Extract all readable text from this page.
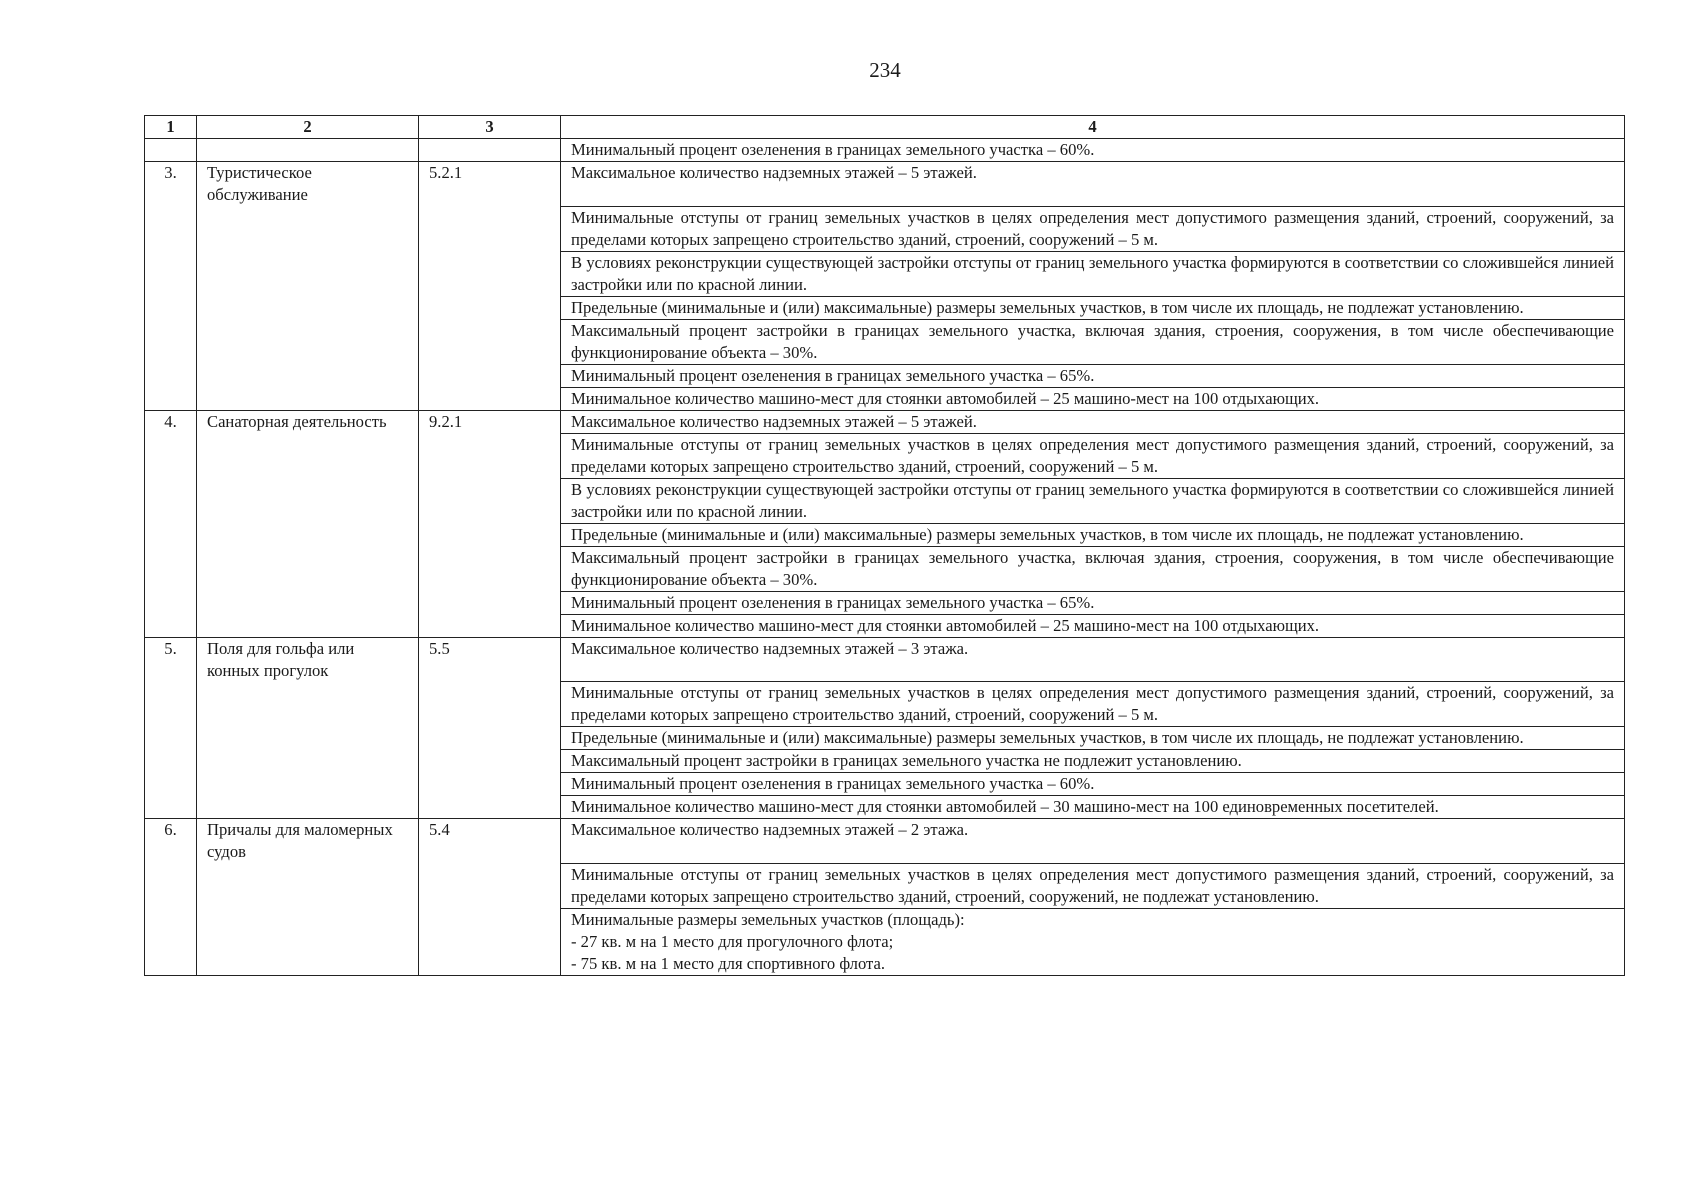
234
1	2	3	4
			Минимальный процент озеленения в границах земельного участка – 60%.
3.	Туристическое обслуживание	5.2.1	Максимальное количество надземных этажей – 5 этажей.
			Минимальные отступы от границ земельных участков в целях определения мест допустимого размещения зданий, строений, сооружений, за пределами которых запрещено строительство зданий, строений, сооружений – 5 м.
			В условиях реконструкции существующей застройки отступы от границ земельного участка формируются в соответствии со сложившейся линией застройки или по красной линии.
			Предельные (минимальные и (или) максимальные) размеры земельных участков, в том числе их площадь, не подлежат установлению.
			Максимальный процент застройки в границах земельного участка, включая здания, строения, сооружения, в том числе обеспечивающие функционирование объекта – 30%.
			Минимальный процент озеленения в границах земельного участка – 65%.
			Минимальное количество машино-мест для стоянки автомобилей – 25 машино-мест на 100 отдыхающих.
4.	Санаторная деятельность	9.2.1	Максимальное количество надземных этажей – 5 этажей.
			Минимальные отступы от границ земельных участков в целях определения мест допустимого размещения зданий, строений, сооружений, за пределами которых запрещено строительство зданий, строений, сооружений – 5 м.
			В условиях реконструкции существующей застройки отступы от границ земельного участка формируются в соответствии со сложившейся линией застройки или по красной линии.
			Предельные (минимальные и (или) максимальные) размеры земельных участков, в том числе их площадь, не подлежат установлению.
			Максимальный процент застройки в границах земельного участка, включая здания, строения, сооружения, в том числе обеспечивающие функционирование объекта – 30%.
			Минимальный процент озеленения в границах земельного участка – 65%.
			Минимальное количество машино-мест для стоянки автомобилей – 25 машино-мест на 100 отдыхающих.
5.	Поля для гольфа или конных прогулок	5.5	Максимальное количество надземных этажей – 3 этажа.
			Минимальные отступы от границ земельных участков в целях определения мест допустимого размещения зданий, строений, сооружений, за пределами которых запрещено строительство зданий, строений, сооружений – 5 м.
			Предельные (минимальные и (или) максимальные) размеры земельных участков, в том числе их площадь, не подлежат установлению.
			Максимальный процент застройки в границах земельного участка не подлежит установлению.
			Минимальный процент озеленения в границах земельного участка – 60%.
			Минимальное количество машино-мест для стоянки автомобилей – 30 машино-мест на 100 единовременных посетителей.
6.	Причалы для маломерных судов	5.4	Максимальное количество надземных этажей – 2 этажа.
			Минимальные отступы от границ земельных участков в целях определения мест допустимого размещения зданий, строений, сооружений, за пределами которых запрещено строительство зданий, строений, сооружений, не подлежат установлению.

			Минимальные размеры земельных участков (площадь):
- 27 кв. м на 1 место для прогулочного флота;
- 75 кв. м на 1 место для спортивного флота.
